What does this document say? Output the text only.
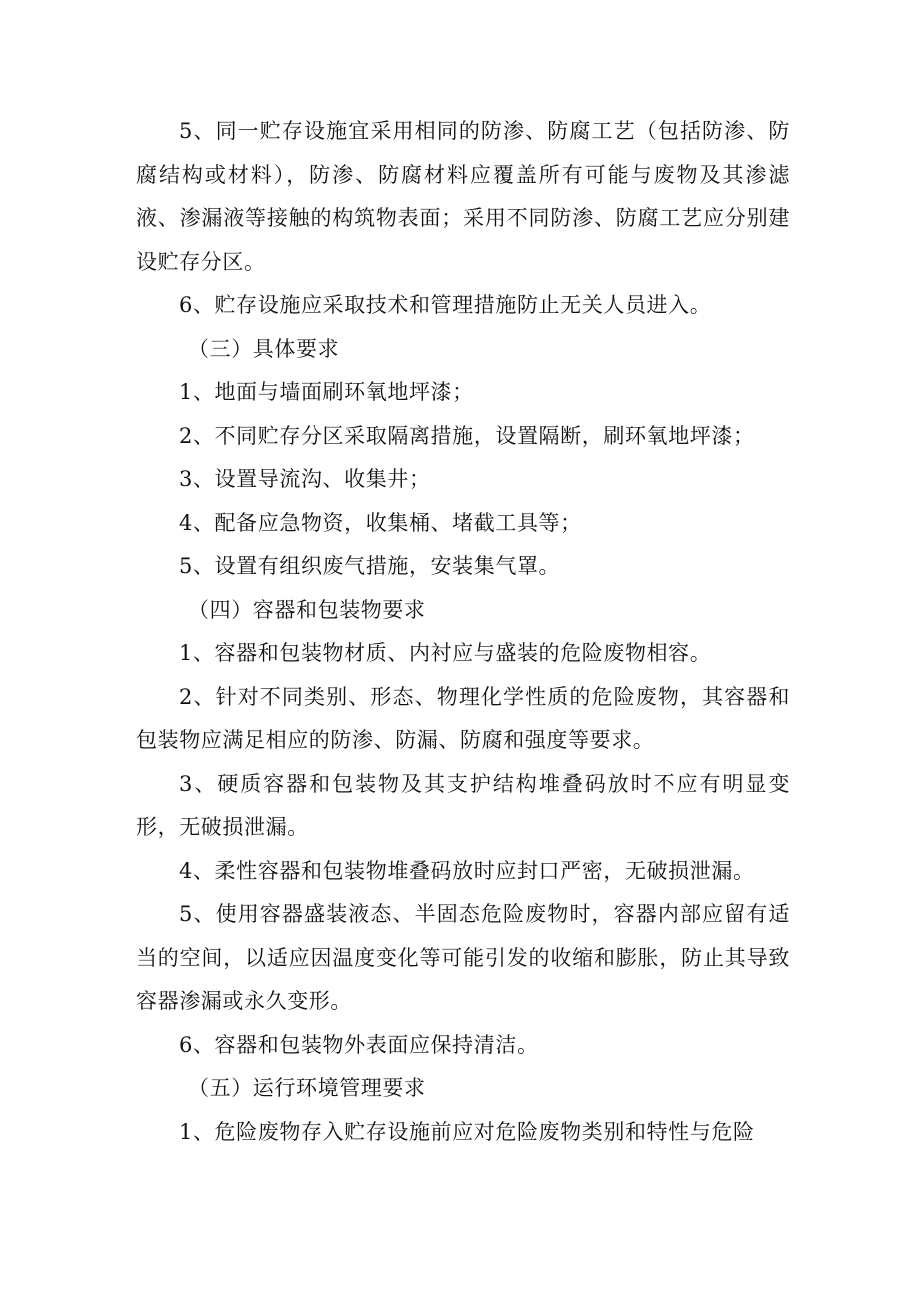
5、同一贮存设施宜采用相同的防渗、防腐工艺（包括防渗、防腐结构或材料），防渗、防腐材料应覆盖所有可能与废物及其渗滤液、渗漏液等接触的构筑物表面；采用不同防渗、防腐工艺应分别建设贮存分区。

6、贮存设施应采取技术和管理措施防止无关人员进入。

（三）具体要求

1、地面与墙面刷环氧地坪漆；

2、不同贮存分区采取隔离措施，设置隔断，刷环氧地坪漆；

3、设置导流沟、收集井；

4、配备应急物资，收集桶、堵截工具等；

5、设置有组织废气措施，安装集气罩。

（四）容器和包装物要求

1、容器和包装物材质、内衬应与盛装的危险废物相容。

2、针对不同类别、形态、物理化学性质的危险废物，其容器和包装物应满足相应的防渗、防漏、防腐和强度等要求。

3、硬质容器和包装物及其支护结构堆叠码放时不应有明显变形，无破损泄漏。

4、柔性容器和包装物堆叠码放时应封口严密，无破损泄漏。

5、使用容器盛装液态、半固态危险废物时，容器内部应留有适当的空间，以适应因温度变化等可能引发的收缩和膨胀，防止其导致容器渗漏或永久变形。

6、容器和包装物外表面应保持清洁。

（五）运行环境管理要求

1、危险废物存入贮存设施前应对危险废物类别和特性与危险
